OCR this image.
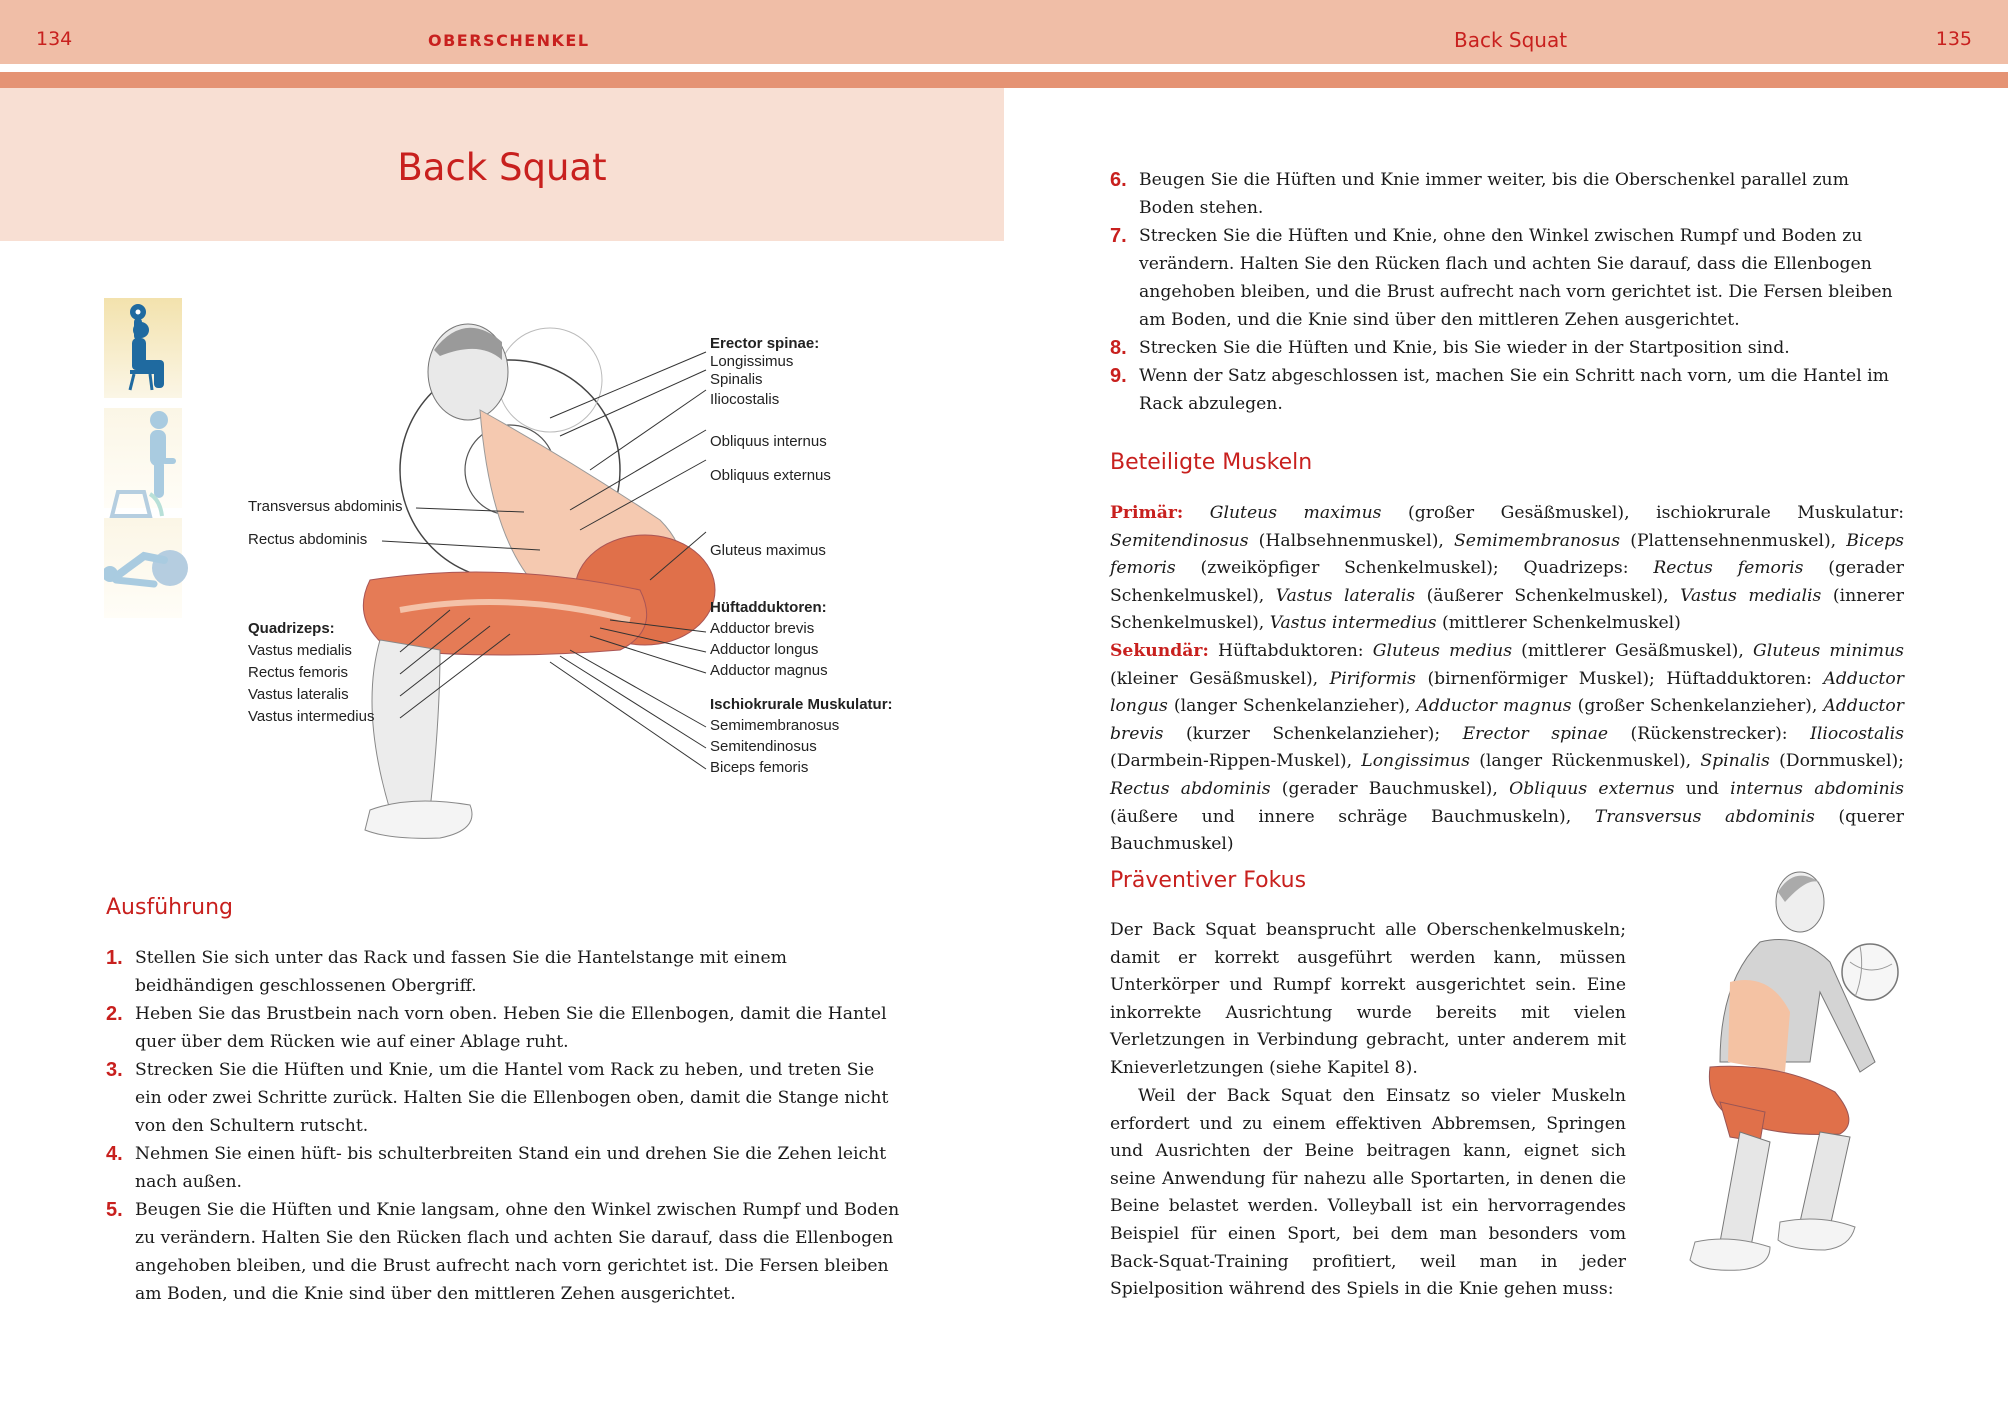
134	OBERSCHENKEL	Back Squat	135
Back Squat
Transversus abdominis
Rectus abdominis
Quadrizeps:
Vastus medialis
Rectus femoris
Vastus lateralis
Vastus intermedius
Erector spinae:
Longissimus
Spinalis
Iliocostalis
Obliquus internus
Obliquus externus
Gluteus maximus
Hüftadduktoren:
Adductor brevis
Adductor longus
Adductor magnus
Ischiokrurale Muskulatur:
Semimembranosus
Semitendinosus
Biceps femoris
Ausführung
1. Stellen Sie sich unter das Rack und fassen Sie die Hantelstange mit einem beidhändigen geschlossenen Obergriff.
2. Heben Sie das Brustbein nach vorn oben. Heben Sie die Ellenbogen, damit die Hantel quer über dem Rücken wie auf einer Ablage ruht.
3. Strecken Sie die Hüften und Knie, um die Hantel vom Rack zu heben, und treten Sie ein oder zwei Schritte zurück. Halten Sie die Ellenbogen oben, damit die Stange nicht von den Schultern rutscht.
4. Nehmen Sie einen hüft- bis schulterbreiten Stand ein und drehen Sie die Zehen leicht nach außen.
5. Beugen Sie die Hüften und Knie langsam, ohne den Winkel zwischen Rumpf und Boden zu verändern. Halten Sie den Rücken flach und achten Sie darauf, dass die Ellenbogen angehoben bleiben, und die Brust aufrecht nach vorn gerichtet ist. Die Fersen bleiben am Boden, und die Knie sind über den mittleren Zehen ausgerichtet.
6. Beugen Sie die Hüften und Knie immer weiter, bis die Oberschenkel parallel zum Boden stehen.
7. Strecken Sie die Hüften und Knie, ohne den Winkel zwischen Rumpf und Boden zu verändern. Halten Sie den Rücken flach und achten Sie darauf, dass die Ellenbogen angehoben bleiben, und die Brust aufrecht nach vorn gerichtet ist. Die Fersen bleiben am Boden, und die Knie sind über den mittleren Zehen ausgerichtet.
8. Strecken Sie die Hüften und Knie, bis Sie wieder in der Startposition sind.
9. Wenn der Satz abgeschlossen ist, machen Sie ein Schritt nach vorn, um die Hantel im Rack abzulegen.
Beteiligte Muskeln

Primär: Gluteus maximus (großer Gesäßmuskel), ischiokrurale Muskulatur: Semitendinosus (Halbsehnenmuskel), Semimembranosus (Plattensehnenmuskel), Biceps femoris (zweiköpfiger Schenkelmuskel); Quadrizeps: Rectus femoris (gerader Schenkelmuskel), Vastus lateralis (äußerer Schenkelmuskel), Vastus medialis (innerer Schenkelmuskel), Vastus intermedius (mittlerer Schenkelmuskel)

Sekundär: Hüftabduktoren: Gluteus medius (mittlerer Gesäßmuskel), Gluteus minimus (kleiner Gesäßmuskel), Piriformis (birnenförmiger Muskel); Hüftadduktoren: Adductor longus (langer Schenkelanzieher), Adductor magnus (großer Schenkelanzieher), Adductor brevis (kurzer Schenkelanzieher); Erector spinae (Rückenstrecker): Iliocostalis (Darmbein-Rippen-Muskel), Longissimus (langer Rückenmuskel), Spinalis (Dornmuskel); Rectus abdominis (gerader Bauchmuskel), Obliquus externus und internus abdominis (äußere und innere schräge Bauchmuskeln), Transversus abdominis (querer Bauchmuskel)

Präventiver Fokus

Der Back Squat beansprucht alle Oberschenkelmuskeln; damit er korrekt ausgeführt werden kann, müssen Unterkörper und Rumpf korrekt ausgerichtet sein. Eine inkorrekte Ausrichtung wurde bereits mit vielen Verletzungen in Verbindung gebracht, unter anderem mit Knieverletzungen (siehe Kapitel 8).

Weil der Back Squat den Einsatz so vieler Muskeln erfordert und zu einem effektiven Abbremsen, Springen und Ausrichten der Beine beitragen kann, eignet sich seine Anwendung für nahezu alle Sportarten, in denen die Beine belastet werden. Volleyball ist ein hervorragendes Beispiel für einen Sport, bei dem man besonders vom Back-Squat-Training profitiert, weil man in jeder Spielposition während des Spiels in die Knie gehen muss:
